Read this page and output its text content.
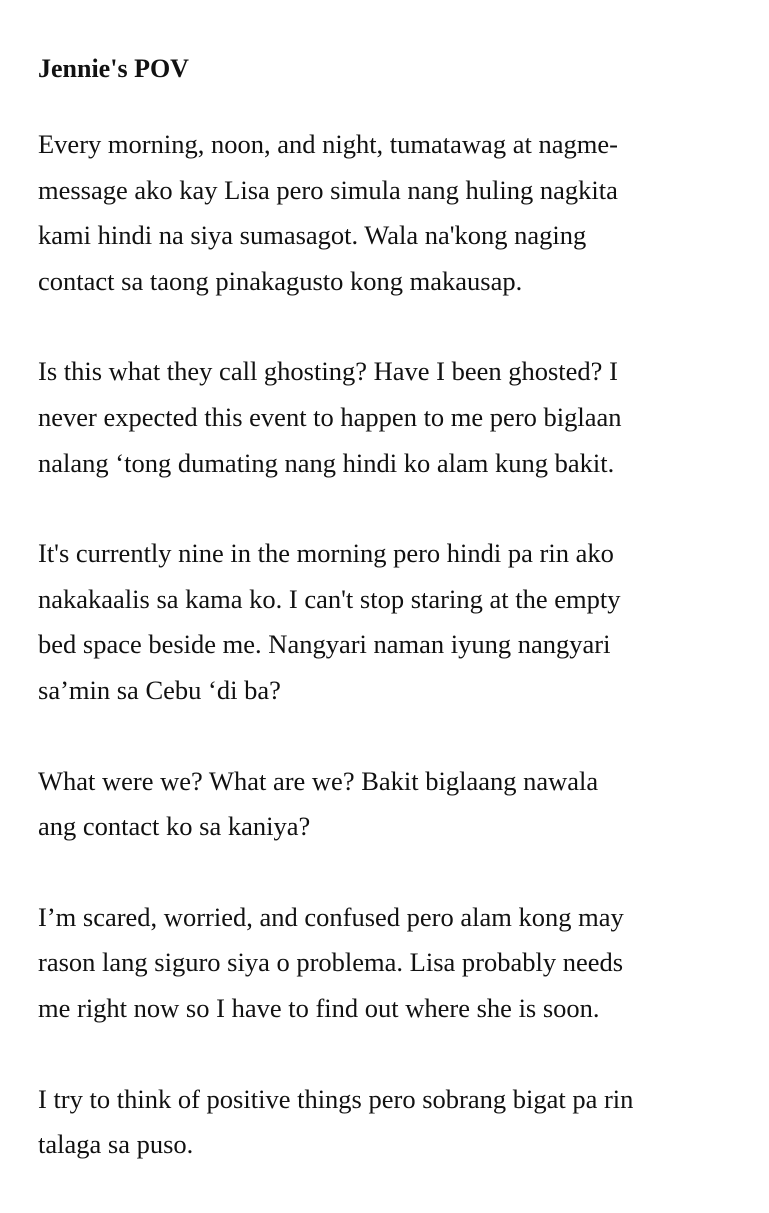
Jennie's POV
Every morning, noon, and night, tumatawag at nagme-
message ako kay Lisa pero simula nang huling nagkita
kami hindi na siya sumasagot. Wala na'kong naging
contact sa taong pinakagusto kong makausap.
Is this what they call ghosting? Have I been ghosted? I
never expected this event to happen to me pero biglaan
nalang ‘tong dumating nang hindi ko alam kung bakit.
It's currently nine in the morning pero hindi pa rin ako
nakakaalis sa kama ko. I can't stop staring at the empty
bed space beside me. Nangyari naman iyung nangyari
sa’min sa Cebu ‘di ba?
What were we? What are we? Bakit biglaang nawala
ang contact ko sa kaniya?
I’m scared, worried, and confused pero alam kong may
rason lang siguro siya o problema. Lisa probably needs
me right now so I have to find out where she is soon.
I try to think of positive things pero sobrang bigat pa rin
talaga sa puso.
